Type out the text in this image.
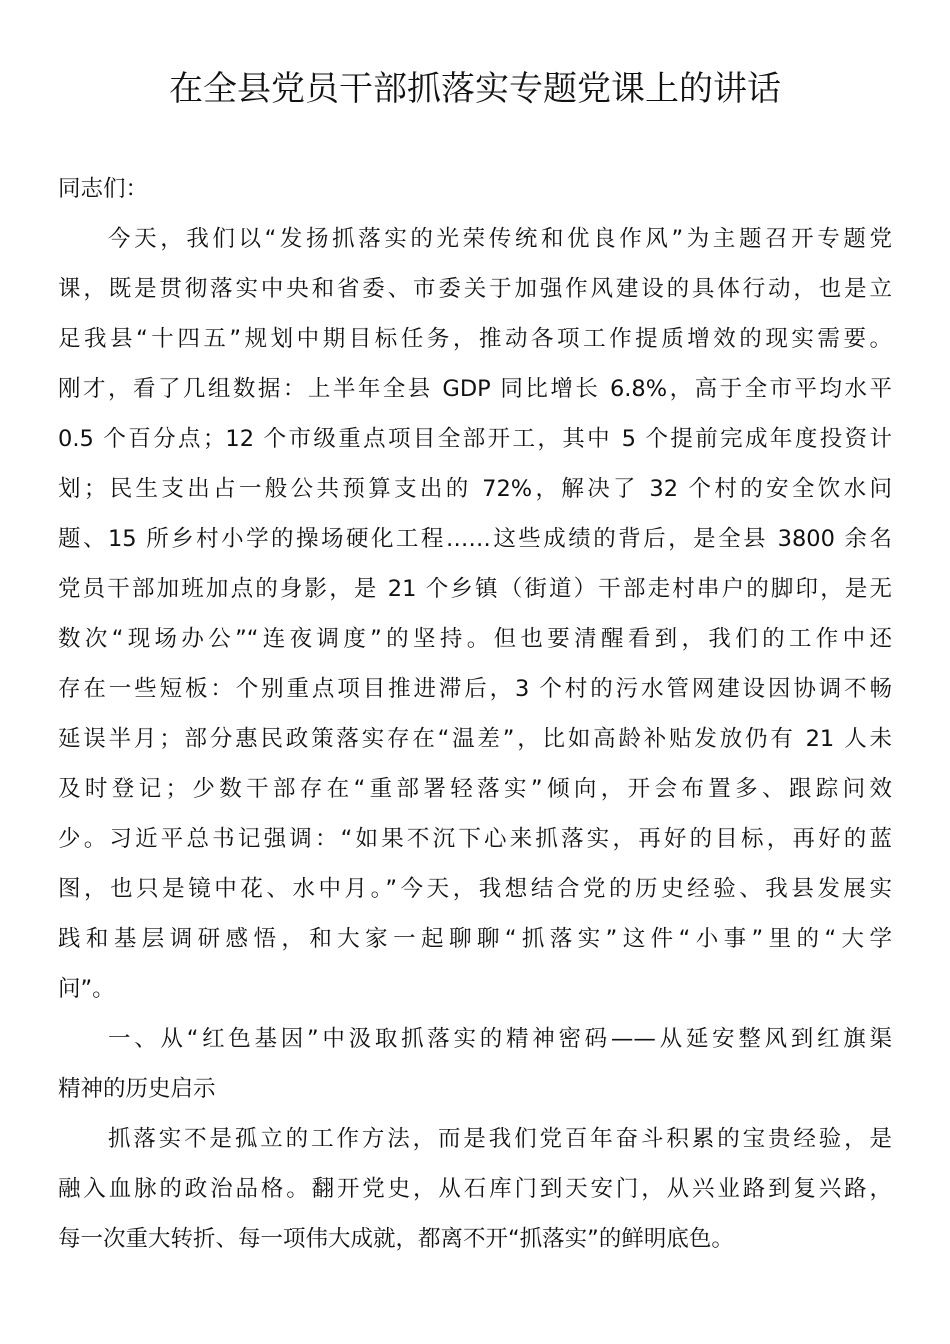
在全县党员干部抓落实专题党课上的讲话
同志们：
今天，我们以“发扬抓落实的光荣传统和优良作风”为主题召开专题党
课，既是贯彻落实中央和省委、市委关于加强作风建设的具体行动，也是立
足我县“十四五”规划中期目标任务，推动各项工作提质增效的现实需要。
刚才，看了几组数据：上半年全县 GDP 同比增长 6.8%，高于全市平均水平
0.5 个百分点；12 个市级重点项目全部开工，其中 5 个提前完成年度投资计
划；民生支出占一般公共预算支出的 72%，解决了 32 个村的安全饮水问
题、15 所乡村小学的操场硬化工程……这些成绩的背后，是全县 3800 余名
党员干部加班加点的身影，是 21 个乡镇（街道）干部走村串户的脚印，是无
数次“现场办公”“连夜调度”的坚持。但也要清醒看到，我们的工作中还
存在一些短板：个别重点项目推进滞后，3 个村的污水管网建设因协调不畅
延误半月；部分惠民政策落实存在“温差”，比如高龄补贴发放仍有 21 人未
及时登记；少数干部存在“重部署轻落实”倾向，开会布置多、跟踪问效
少。习近平总书记强调：“如果不沉下心来抓落实，再好的目标，再好的蓝
图，也只是镜中花、水中月。”今天，我想结合党的历史经验、我县发展实
践和基层调研感悟，和大家一起聊聊“抓落实”这件“小事”里的“大学
问”。
一、从“红色基因”中汲取抓落实的精神密码——从延安整风到红旗渠
精神的历史启示
抓落实不是孤立的工作方法，而是我们党百年奋斗积累的宝贵经验，是
融入血脉的政治品格。翻开党史，从石库门到天安门，从兴业路到复兴路，
每一次重大转折、每一项伟大成就，都离不开“抓落实”的鲜明底色。
